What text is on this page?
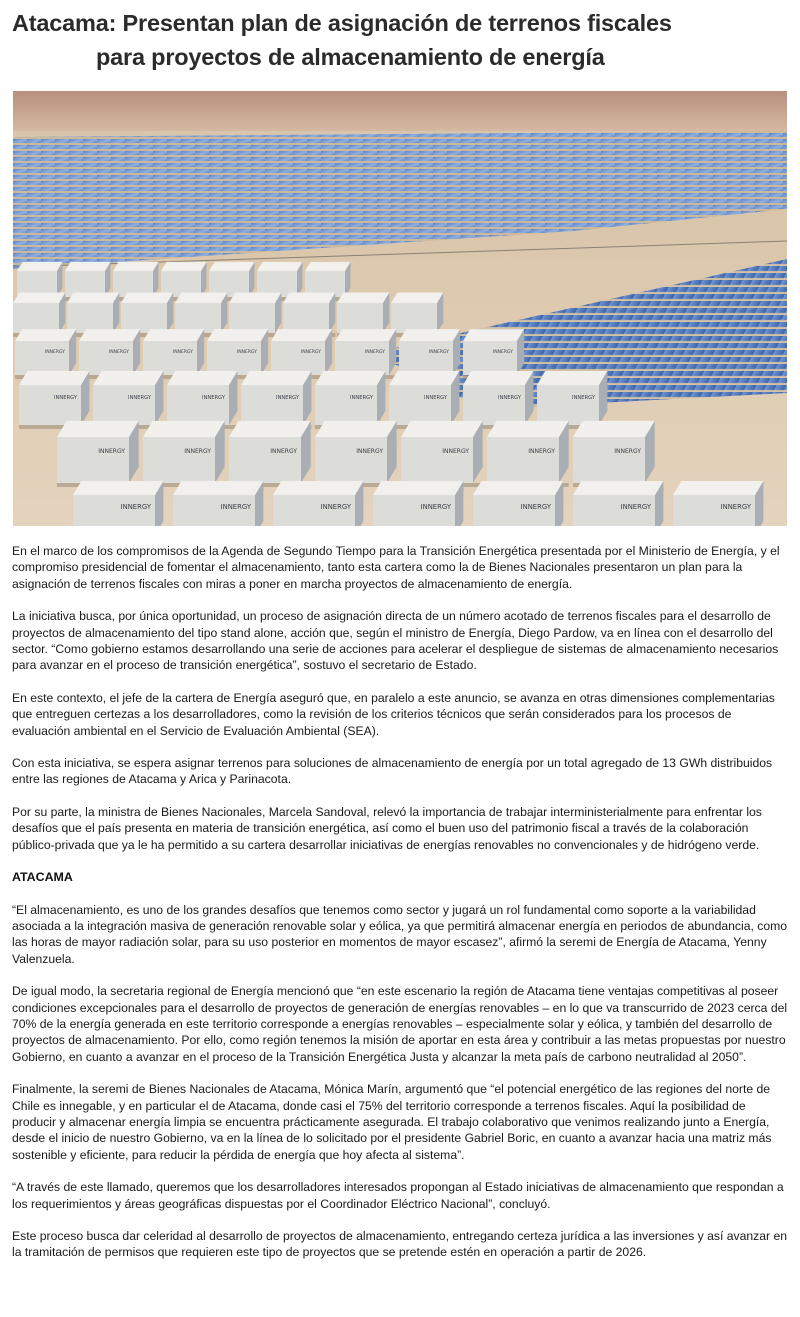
Atacama: Presentan plan de asignación de terrenos fiscales
para proyectos de almacenamiento de energía
INNERGY	INNERGY	INNERGY	INNERGY	INNERGY	INNERGY	INNERGY	INNERGY
INNERGY	INNERGY	INNERGY	INNERGY	INNERGY	INNERGY	INNERGY	INNERGY
INNERGY	INNERGY	INNERGY	INNERGY	INNERGY	INNERGY	INNERGY
INNERGY	INNERGY	INNERGY	INNERGY	INNERGY	INNERGY	INNERGY

En el marco de los compromisos de la Agenda de Segundo Tiempo para la Transición Energética presentada por el Ministerio de Energía, y el compromiso presidencial de fomentar el almacenamiento, tanto esta cartera como la de Bienes Nacionales presentaron un plan para la asignación de terrenos fiscales con miras a poner en marcha proyectos de almacenamiento de energía.

La iniciativa busca, por única oportunidad, un proceso de asignación directa de un número acotado de terrenos fiscales para el desarrollo de proyectos de almacenamiento del tipo stand alone, acción que, según el ministro de Energía, Diego Pardow, va en línea con el desarrollo del sector. “Como gobierno estamos desarrollando una serie de acciones para acelerar el despliegue de sistemas de almacenamiento necesarios para avanzar en el proceso de transición energética”, sostuvo el secretario de Estado.

En este contexto, el jefe de la cartera de Energía aseguró que, en paralelo a este anuncio, se avanza en otras dimensiones complementarias que entreguen certezas a los desarrolladores, como la revisión de los criterios técnicos que serán considerados para los procesos de evaluación ambiental en el Servicio de Evaluación Ambiental (SEA).

Con esta iniciativa, se espera asignar terrenos para soluciones de almacenamiento de energía por un total agregado de 13 GWh distribuidos entre las regiones de Atacama y Arica y Parinacota.

Por su parte, la ministra de Bienes Nacionales, Marcela Sandoval, relevó la importancia de trabajar interministerialmente para enfrentar los desafíos que el país presenta en materia de transición energética, así como el buen uso del patrimonio fiscal a través de la colaboración público-privada que ya le ha permitido a su cartera desarrollar iniciativas de energías renovables no convencionales y de hidrógeno verde.

ATACAMA

“El almacenamiento, es uno de los grandes desafíos que tenemos como sector y jugará un rol fundamental como soporte a la variabilidad asociada a la integración masiva de generación renovable solar y eólica, ya que permitirá almacenar energía en periodos de abundancia, como las horas de mayor radiación solar, para su uso posterior en momentos de mayor escasez”, afirmó la seremi de Energía de Atacama, Yenny Valenzuela.

De igual modo, la secretaria regional de Energía mencionó que “en este escenario la región de Atacama tiene ventajas competitivas al poseer condiciones excepcionales para el desarrollo de proyectos de generación de energías renovables – en lo que va transcurrido de 2023 cerca del 70% de la energía generada en este territorio corresponde a energías renovables – especialmente solar y eólica, y también del desarrollo de proyectos de almacenamiento. Por ello, como región tenemos la misión de aportar en esta área y contribuir a las metas propuestas por nuestro Gobierno, en cuanto a avanzar en el proceso de la Transición Energética Justa y alcanzar la meta país de carbono neutralidad al 2050”.

Finalmente, la seremi de Bienes Nacionales de Atacama, Mónica Marín, argumentó que “el potencial energético de las regiones del norte de Chile es innegable, y en particular el de Atacama, donde casi el 75% del territorio corresponde a terrenos fiscales. Aquí la posibilidad de producir y almacenar energía limpia se encuentra prácticamente asegurada. El trabajo colaborativo que venimos realizando junto a Energía, desde el inicio de nuestro Gobierno, va en la línea de lo solicitado por el presidente Gabriel Boric, en cuanto a avanzar hacia una matriz más sostenible y eficiente, para reducir la pérdida de energía que hoy afecta al sistema”.

“A través de este llamado, queremos que los desarrolladores interesados propongan al Estado iniciativas de almacenamiento que respondan a los requerimientos y áreas geográficas dispuestas por el Coordinador Eléctrico Nacional”, concluyó.

Este proceso busca dar celeridad al desarrollo de proyectos de almacenamiento, entregando certeza jurídica a las inversiones y así avanzar en la tramitación de permisos que requieren este tipo de proyectos que se pretende estén en operación a partir de 2026.
